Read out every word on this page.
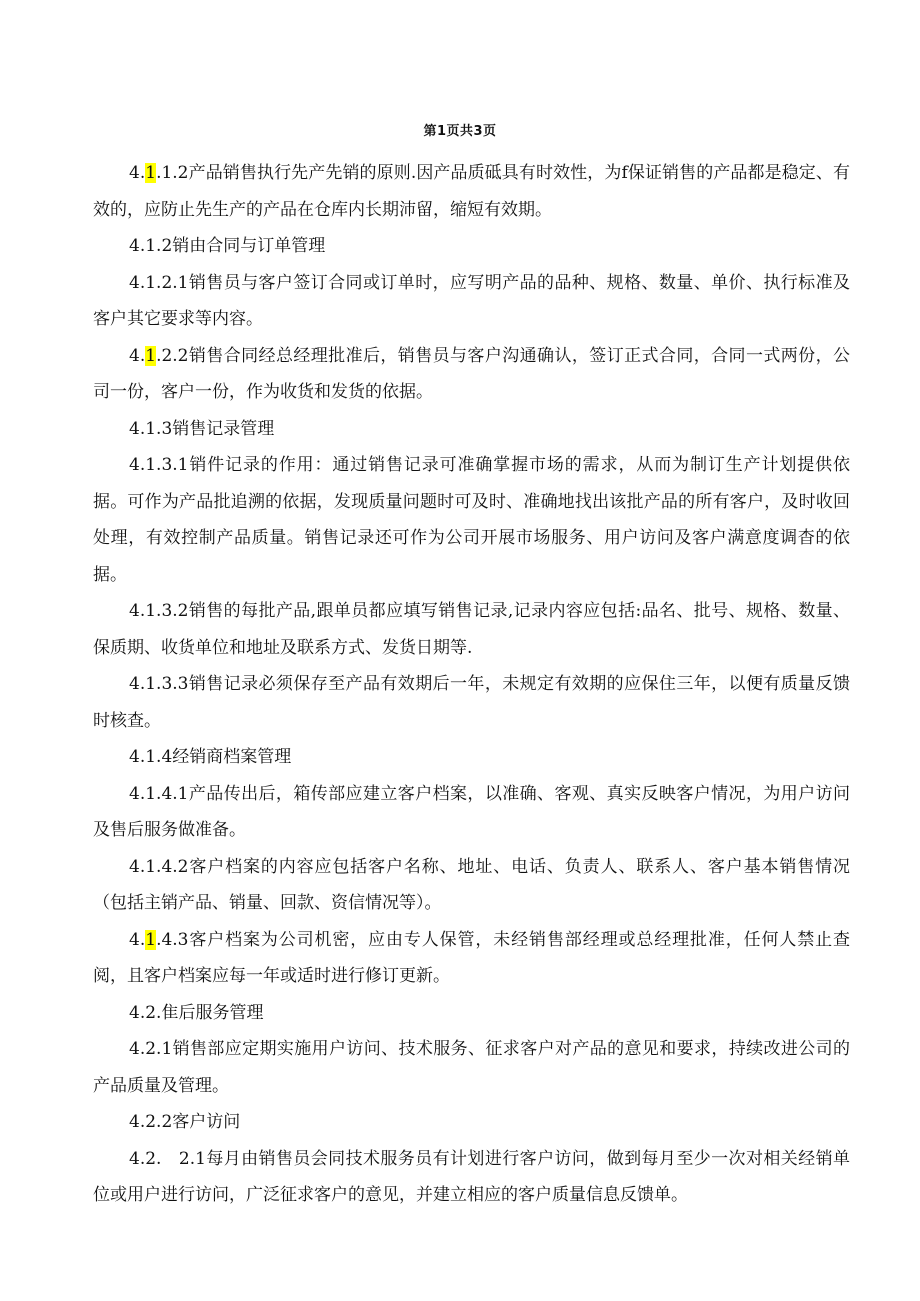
第1页共3页

4.1.1.2产品销售执行先产先销的原则.因产品质砥具有时效性，为f保证销售的产品都是稳定、有效的，应防止先生产的产品在仓库内长期沛留，缩短有效期。

4.1.2销由合同与订单管理

4.1.2.1销售员与客户签订合同或订单时，应写明产品的品种、规格、数量、单价、执行标准及客户其它要求等内容。

4.1.2.2销售合同经总经理批准后，销售员与客户沟通确认，签订正式合同，合同一式两份，公司一份，客户一份，作为收货和发货的依据。

4.1.3销售记录管理

4.1.3.1销件记录的作用：通过销售记录可准确掌握市场的需求，从而为制订生产计划提供依据。可作为产品批追溯的依据，发现质量问题时可及时、准确地找出该批产品的所有客户，及时收回处理，有效控制产品质量。销售记录还可作为公司开展市场服务、用户访问及客户满意度调杳的依据。

4.1.3.2销售的每批产品,跟单员都应填写销售记录,记录内容应包括:品名、批号、规格、数量、保质期、收货单位和地址及联系方式、发货日期等.

4.1.3.3销售记录必须保存至产品有效期后一年，未规定有效期的应保住三年，以便有质量反馈时核查。

4.1.4经销商档案管理

4.1.4.1产品传出后，箱传部应建立客户档案，以准确、客观、真实反映客户情况，为用户访问及售后服务做准备。

4.1.4.2客户档案的内容应包括客户名称、地址、电话、负责人、联系人、客户基本销售情况（包括主销产品、销量、回款、资信情况等）。

4.1.4.3客户档案为公司机密，应由专人保管，未经销售部经理或总经理批准，任何人禁止查阅，且客户档案应每一年或适时进行修订更新。

4.2.隹后服务管理

4.2.1销售部应定期实施用户访问、技术服务、征求客户对产品的意见和要求，持续改进公司的产品质量及管理。

4.2.2客户访问

4.2.   2.1每月由销售员会同技术服务员有计划进行客户访问，做到每月至少一次对相关经销单位或用户进行访问，广泛征求客户的意见，并建立相应的客户质量信息反馈单。
